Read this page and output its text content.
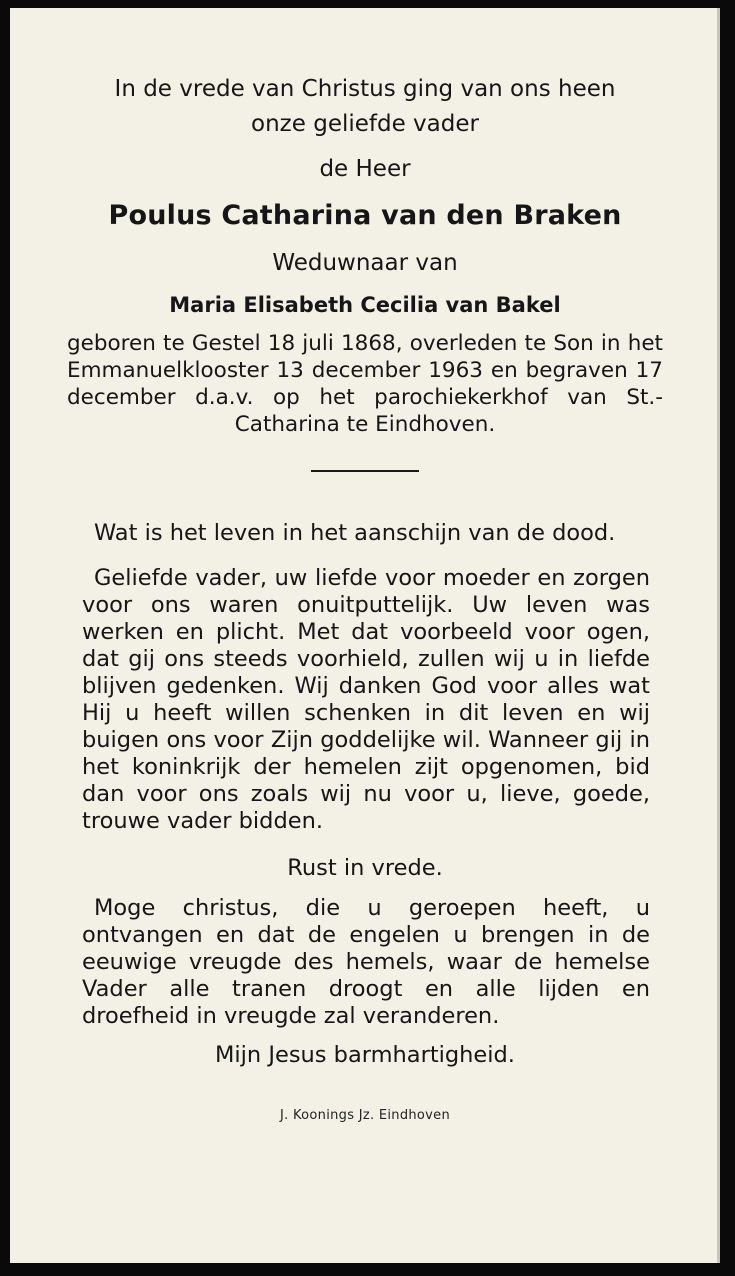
In de vrede van Christus ging van ons heen

onze geliefde vader

de Heer

Poulus Catharina van den Braken

Weduwnaar van

Maria Elisabeth Cecilia van Bakel

geboren te Gestel 18 juli 1868, overleden te Son in het Emmanuelklooster 13 december 1963 en begraven 17 december d.a.v. op het parochiekerkhof van St.-Catharina te Eindhoven.

Wat is het leven in het aanschijn van de dood.

Geliefde vader, uw liefde voor moeder en zorgen voor ons waren onuitputtelijk. Uw leven was werken en plicht. Met dat voorbeeld voor ogen, dat gij ons steeds voorhield, zullen wij u in liefde blijven gedenken. Wij danken God voor alles wat Hij u heeft willen schenken in dit leven en wij buigen ons voor Zijn goddelijke wil. Wanneer gij in het koninkrijk der hemelen zijt opgenomen, bid dan voor ons zoals wij nu voor u, lieve, goede, trouwe vader bidden.

Rust in vrede.

Moge christus, die u geroepen heeft, u ontvangen en dat de engelen u brengen in de eeuwige vreugde des hemels, waar de hemelse Vader alle tranen droogt en alle lijden en droefheid in vreugde zal veranderen.

Mijn Jesus barmhartigheid.

J. Koonings Jz. Eindhoven
